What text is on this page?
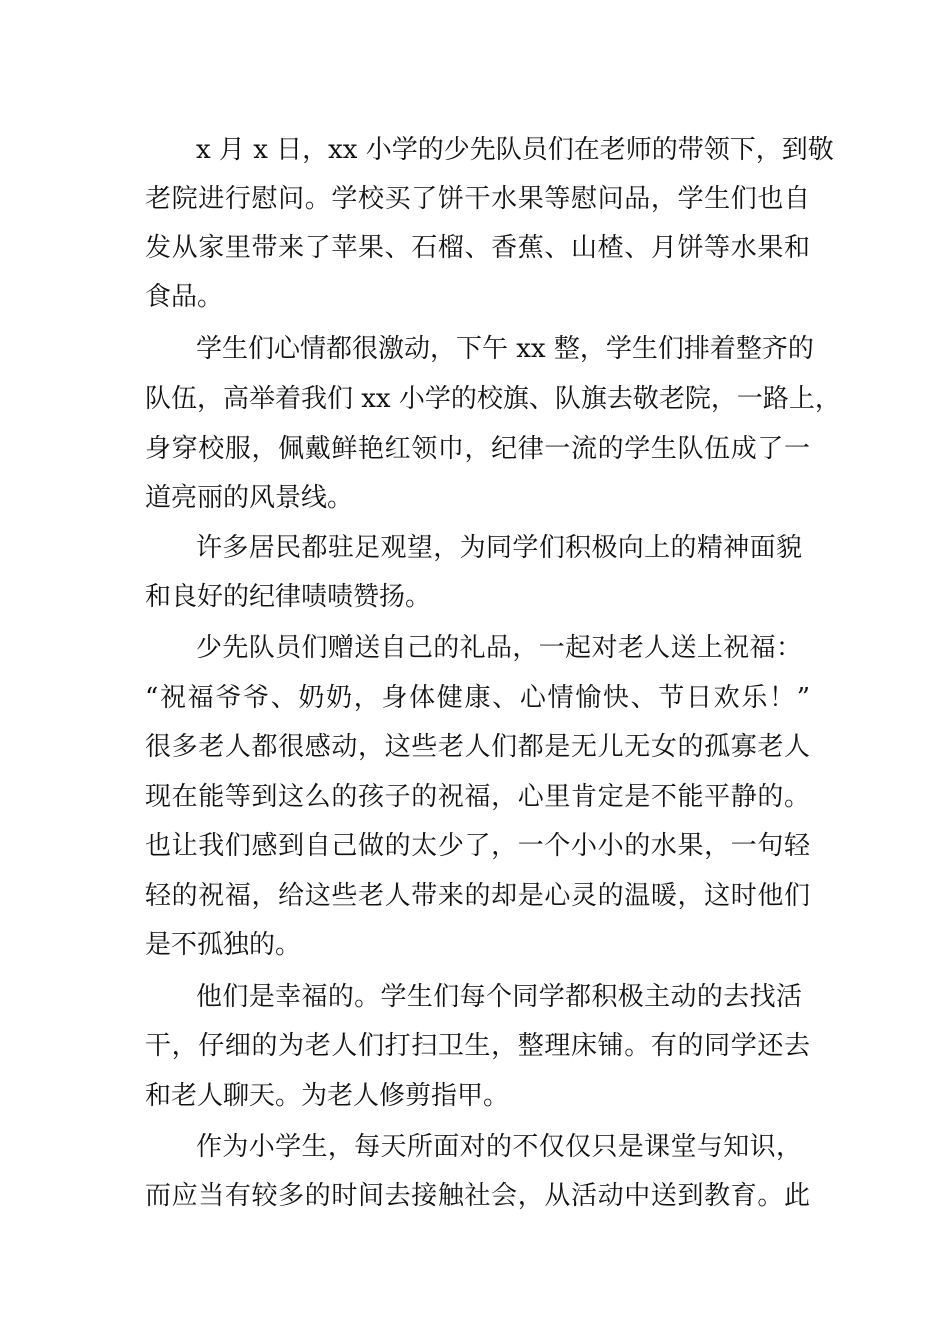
x 月 x 日，xx 小学的少先队员们在老师的带领下，到敬
老院进行慰问。学校买了饼干水果等慰问品，学生们也自
发从家里带来了苹果、石榴、香蕉、山楂、月饼等水果和
食品。
学生们心情都很激动，下午 xx 整，学生们排着整齐的
队伍，高举着我们 xx 小学的校旗、队旗去敬老院，一路上，
身穿校服，佩戴鲜艳红领巾，纪律一流的学生队伍成了一
道亮丽的风景线。
许多居民都驻足观望，为同学们积极向上的精神面貌
和良好的纪律啧啧赞扬。
少先队员们赠送自己的礼品，一起对老人送上祝福：
“祝福爷爷、奶奶，身体健康、心情愉快、节日欢乐！”
很多老人都很感动，这些老人们都是无儿无女的孤寡老人
现在能等到这么的孩子的祝福，心里肯定是不能平静的。
也让我们感到自己做的太少了，一个小小的水果，一句轻
轻的祝福，给这些老人带来的却是心灵的温暖，这时他们
是不孤独的。
他们是幸福的。学生们每个同学都积极主动的去找活
干，仔细的为老人们打扫卫生，整理床铺。有的同学还去
和老人聊天。为老人修剪指甲。
作为小学生，每天所面对的不仅仅只是课堂与知识，
而应当有较多的时间去接触社会，从活动中送到教育。此
